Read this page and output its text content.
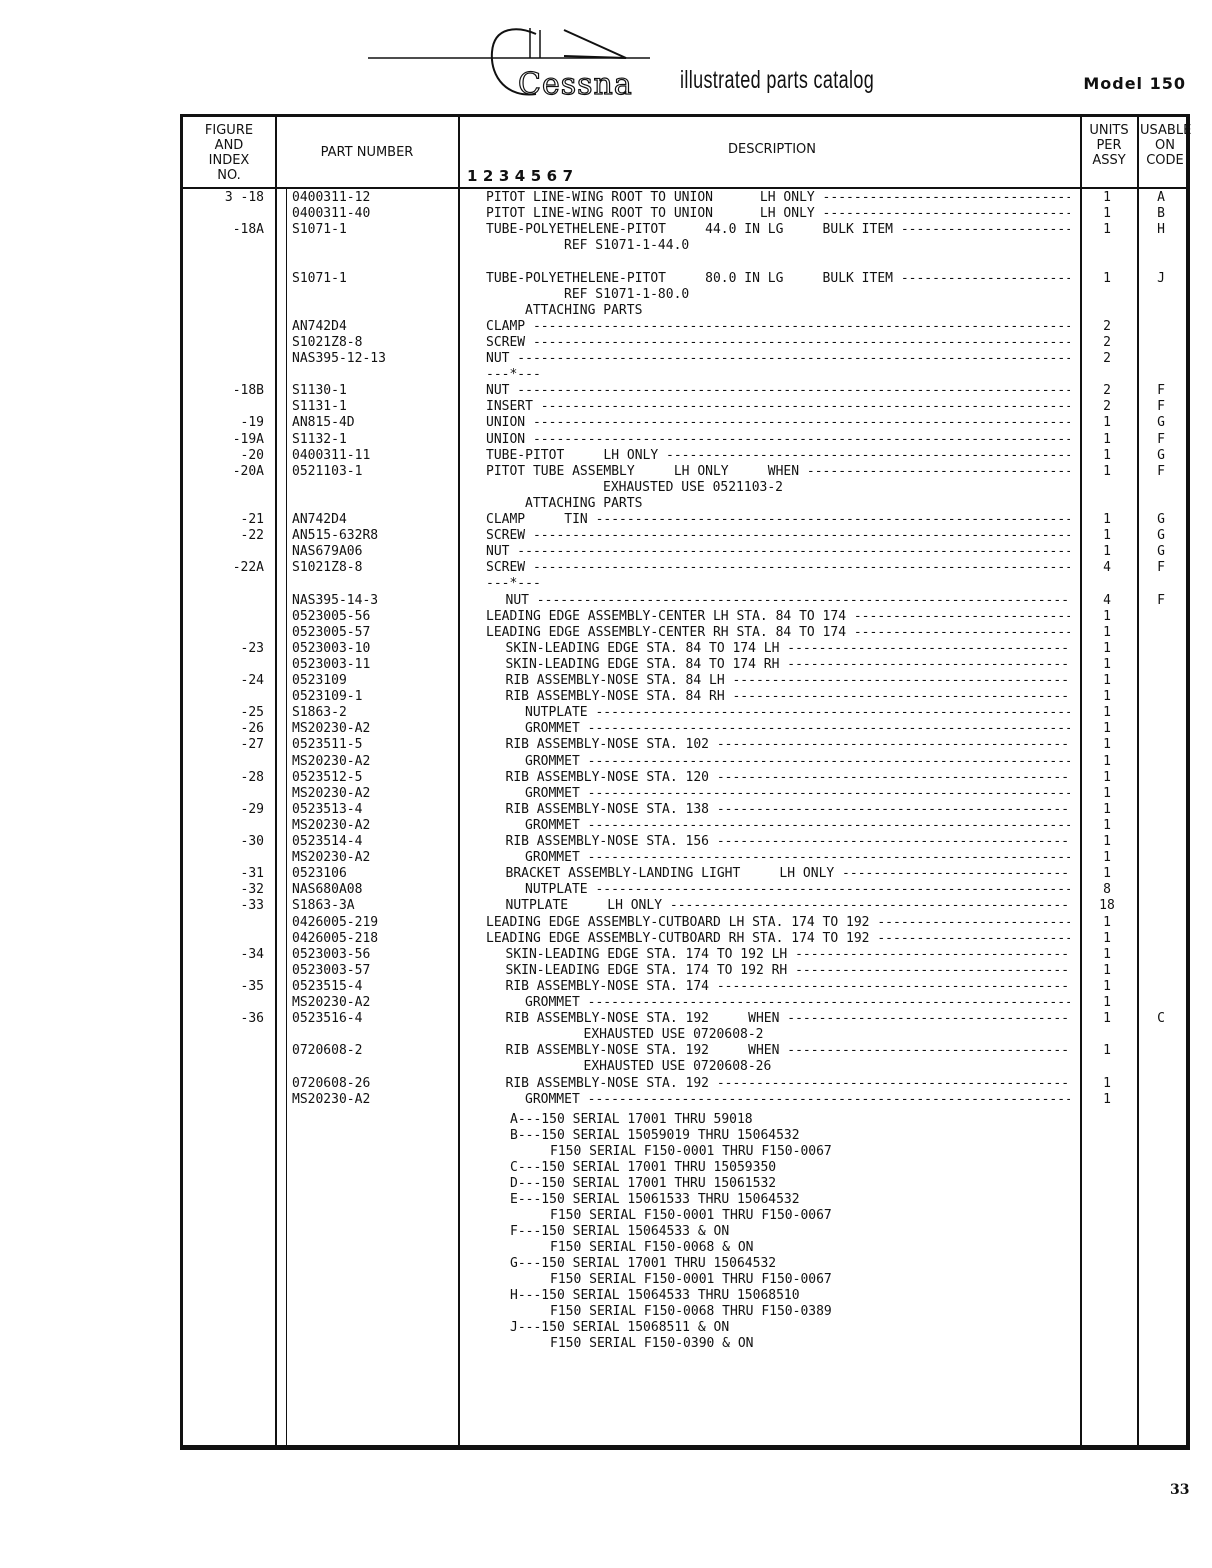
Cessna illustrated parts catalog	Model 150
FIGURE
AND
INDEX
NO.
PART NUMBER	DESCRIPTION
UNITS
PER
ASSY
USABLE
ON
CODE
1234567
3 -18 0400311-12	PITOT LINE-WING ROOT TO UNION      LH ONLY -----	1	A
0400311-40	PITOT LINE-WING ROOT TO UNION      LH ONLY -----	1	B
-18A S1071-1	TUBE-POLYETHELENE-PITOT     44.0 IN LG     BULK ITEM -----	1	H
REF S1071-1-44.0
S1071-1	TUBE-POLYETHELENE-PITOT     80.0 IN LG     BULK ITEM -----	1	J
REF S1071-1-80.0
ATTACHING PARTS
AN742D4	CLAMP -----	2
S1021Z8-8	SCREW -----	2
NAS395-12-13	NUT -----	2
---*---
-18B S1130-1	NUT -----	2	F
S1131-1	INSERT -----	2	F
-19 AN815-4D	UNION -----	1	G
-19A S1132-1	UNION -----	1	F
-20 0400311-11	TUBE-PITOT     LH ONLY -----	1	G
-20A 0521103-1	PITOT TUBE ASSEMBLY     LH ONLY     WHEN -----	1	F
EXHAUSTED USE 0521103-2
ATTACHING PARTS
-21 AN742D4	CLAMP     TIN -----	1	G
-22 AN515-632R8	SCREW -----	1	G
NAS679A06	NUT -----	1	G
-22A S1021Z8-8	SCREW -----	4	F
---*---
NAS395-14-3	NUT -----	4	F
0523005-56	LEADING EDGE ASSEMBLY-CENTER LH STA. 84 TO 174 -----	1
0523005-57	LEADING EDGE ASSEMBLY-CENTER RH STA. 84 TO 174 -----	1
-23 0523003-10	SKIN-LEADING EDGE STA. 84 TO 174 LH -----	1
0523003-11	SKIN-LEADING EDGE STA. 84 TO 174 RH -----	1
-24 0523109	RIB ASSEMBLY-NOSE STA. 84 LH -----	1
0523109-1	RIB ASSEMBLY-NOSE STA. 84 RH -----	1
-25 S1863-2	NUTPLATE -----	1
-26 MS20230-A2	GROMMET -----	1
-27 0523511-5	RIB ASSEMBLY-NOSE STA. 102 -----	1
MS20230-A2	GROMMET -----	1
-28 0523512-5	RIB ASSEMBLY-NOSE STA. 120 -----	1
MS20230-A2	GROMMET -----	1
-29 0523513-4	RIB ASSEMBLY-NOSE STA. 138 -----	1
MS20230-A2	GROMMET -----	1
-30 0523514-4	RIB ASSEMBLY-NOSE STA. 156 -----	1
MS20230-A2	GROMMET -----	1
-31 0523106	BRACKET ASSEMBLY-LANDING LIGHT     LH ONLY -----	1
-32 NAS680A08	NUTPLATE -----	8
-33 S1863-3A	NUTPLATE     LH ONLY -----	18
0426005-219	LEADING EDGE ASSEMBLY-CUTBOARD LH STA. 174 TO 192 -----	1
0426005-218	LEADING EDGE ASSEMBLY-CUTBOARD RH STA. 174 TO 192 -----	1
-34 0523003-56	SKIN-LEADING EDGE STA. 174 TO 192 LH -----	1
0523003-57	SKIN-LEADING EDGE STA. 174 TO 192 RH -----	1
-35 0523515-4	RIB ASSEMBLY-NOSE STA. 174 -----	1
MS20230-A2	GROMMET -----	1
-36 0523516-4	RIB ASSEMBLY-NOSE STA. 192     WHEN -----	1	C
EXHAUSTED USE 0720608-2
0720608-2	RIB ASSEMBLY-NOSE STA. 192     WHEN -----	1
EXHAUSTED USE 0720608-26
0720608-26	RIB ASSEMBLY-NOSE STA. 192 -----	1
MS20230-A2	GROMMET -----	1
A---150 SERIAL 17001 THRU 59018
B---150 SERIAL 15059019 THRU 15064532
F150 SERIAL F150-0001 THRU F150-0067
C---150 SERIAL 17001 THRU 15059350
D---150 SERIAL 17001 THRU 15061532
E---150 SERIAL 15061533 THRU 15064532
F150 SERIAL F150-0001 THRU F150-0067
F---150 SERIAL 15064533 & ON
F150 SERIAL F150-0068 & ON
G---150 SERIAL 17001 THRU 15064532
F150 SERIAL F150-0001 THRU F150-0067
H---150 SERIAL 15064533 THRU 15068510
F150 SERIAL F150-0068 THRU F150-0389
J---150 SERIAL 15068511 & ON
F150 SERIAL F150-0390 & ON
33
